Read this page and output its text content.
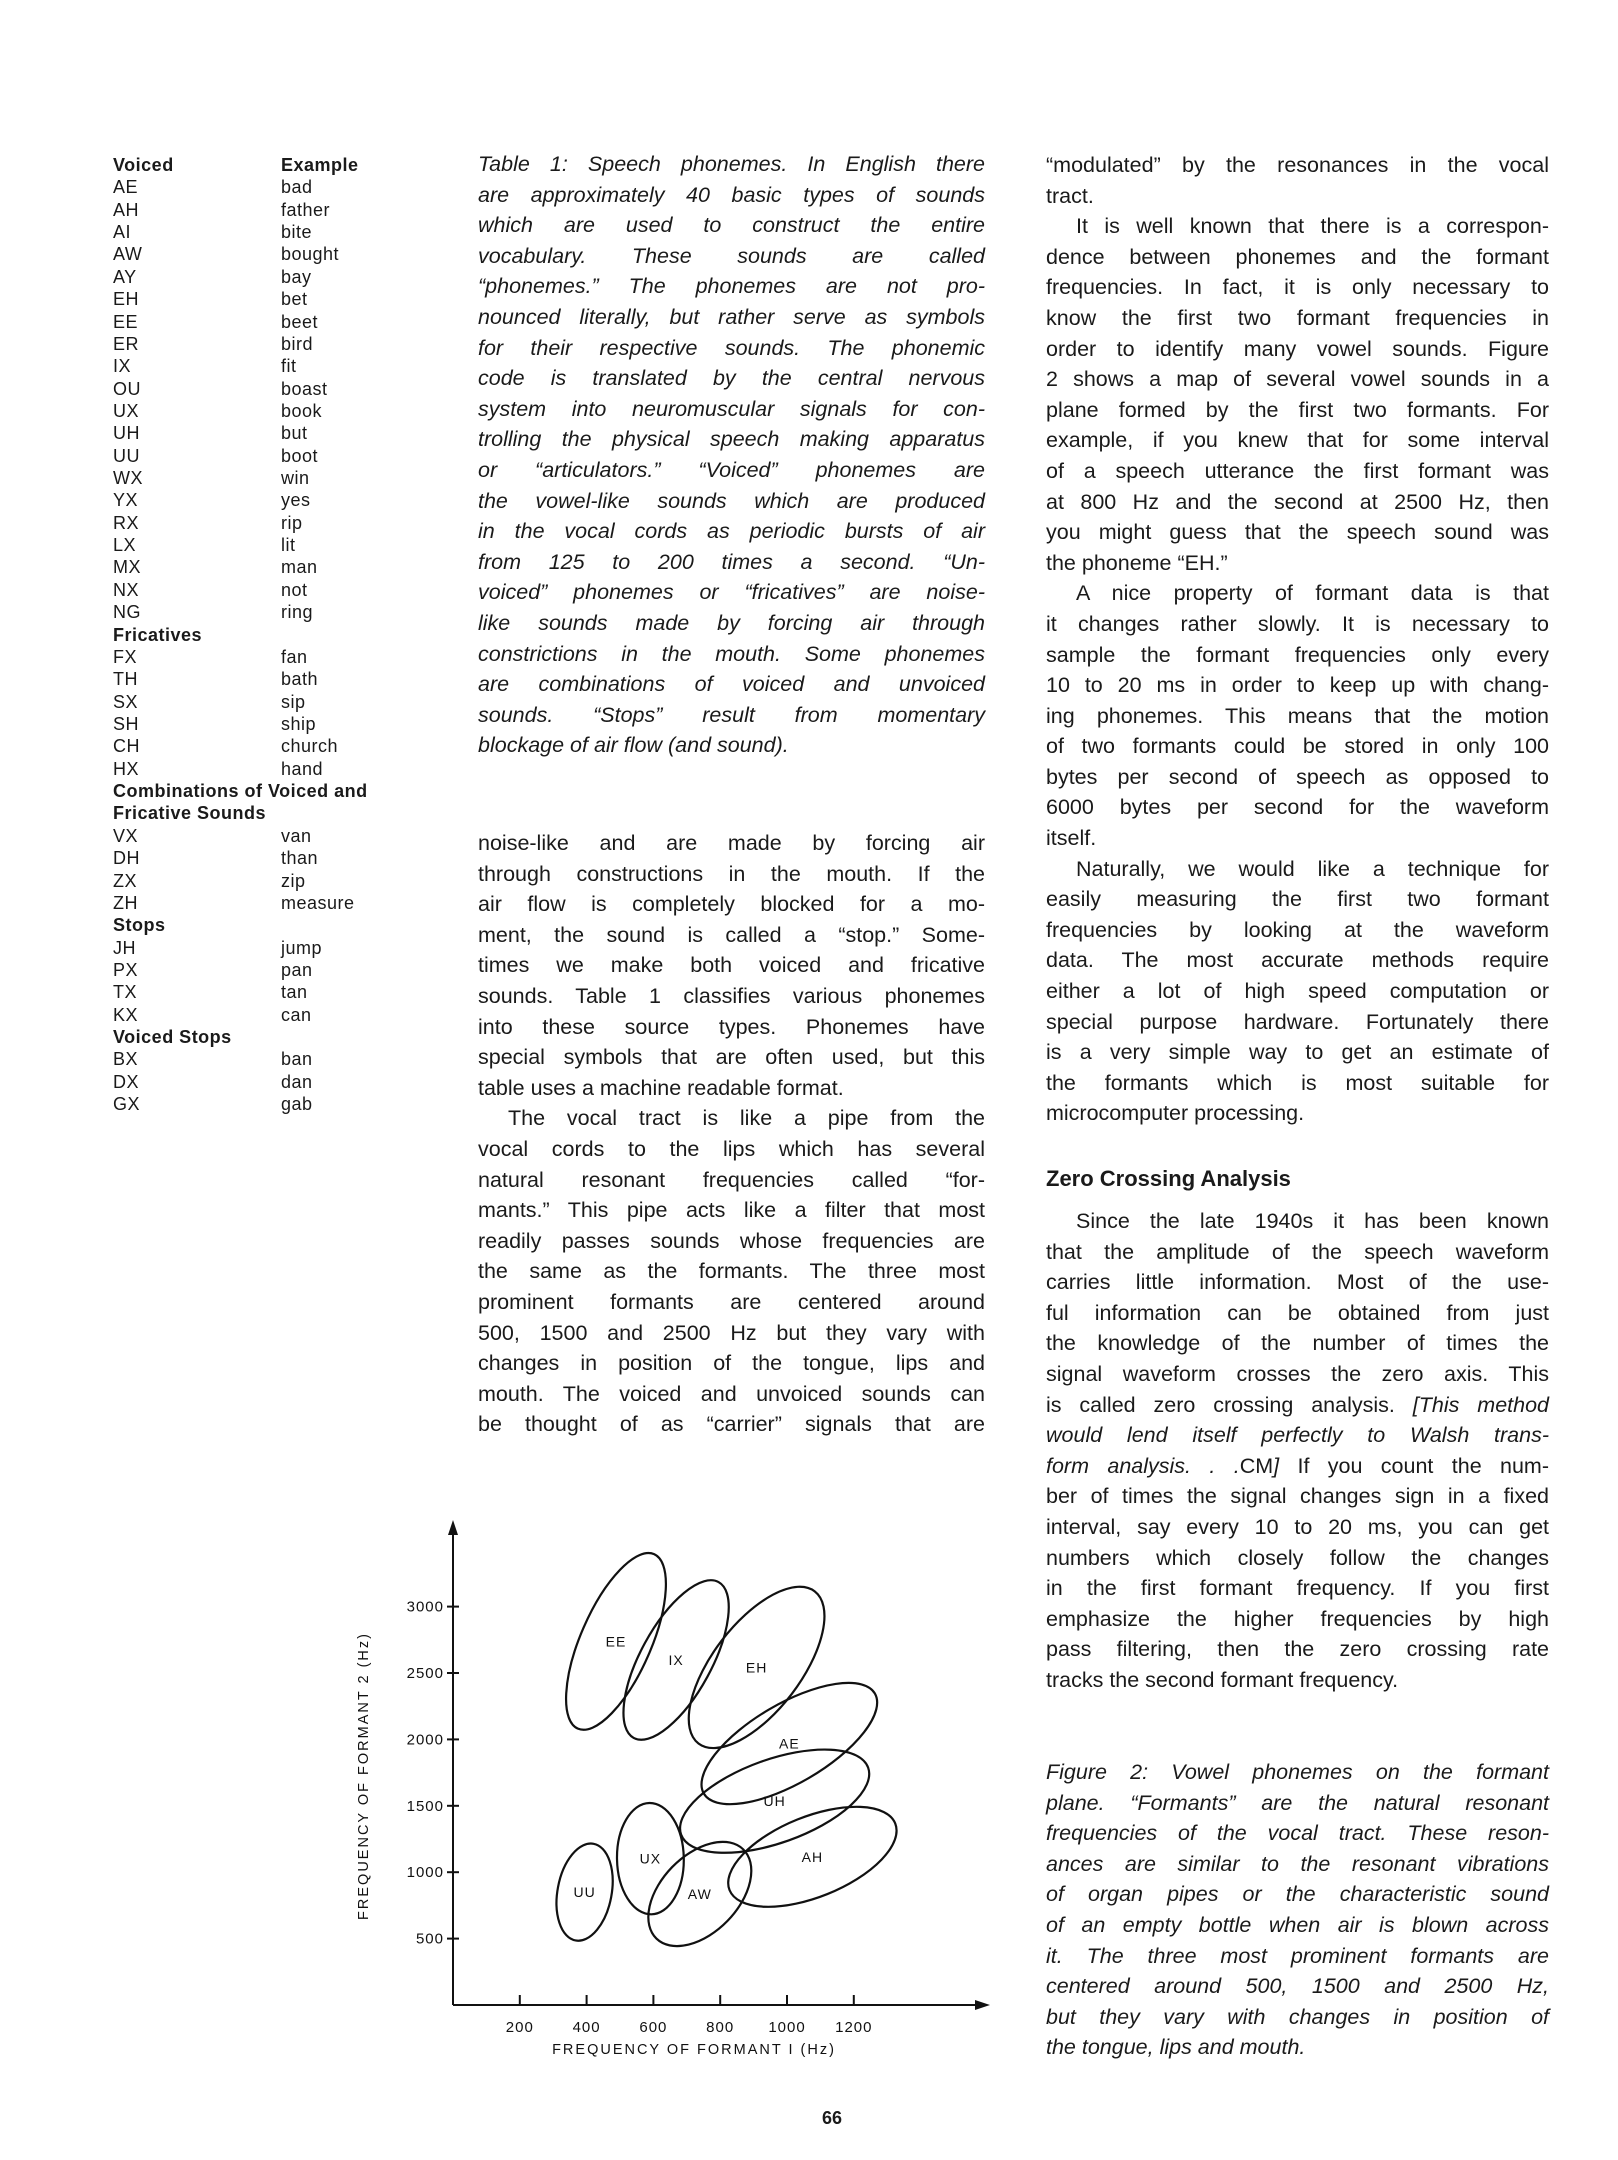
Voiced	Example
AE	bad
AH	father
AI	bite
AW	bought
AY	bay
EH	bet
EE	beet
ER	bird
IX	fit
OU	boast
UX	book
UH	but
UU	boot
WX	win
YX	yes
RX	rip
LX	lit
MX	man
NX	not
NG	ring
Fricatives
FX	fan
TH	bath
SX	sip
SH	ship
CH	church
HX	hand
Combinations of Voiced and
Fricative Sounds
VX	van
DH	than
ZX	zip
ZH	measure
Stops
JH	jump
PX	pan
TX	tan
KX	can
Voiced Stops
BX	ban
DX	dan
GX	gab
Table 1: Speech phonemes. In English there
are approximately 40 basic types of sounds
which are used to construct the entire
vocabulary. These sounds are called
“phonemes.” The phonemes are not pro-
nounced literally, but rather serve as symbols
for their respective sounds. The phonemic
code is translated by the central nervous
system into neuromuscular signals for con-
trolling the physical speech making apparatus
or “articulators.” “Voiced” phonemes are
the vowel-like sounds which are produced
in the vocal cords as periodic bursts of air
from 125 to 200 times a second. “Un-
voiced” phonemes or “fricatives” are noise-
like sounds made by forcing air through
constrictions in the mouth. Some phonemes
are combinations of voiced and unvoiced
sounds. “Stops” result from momentary
blockage of air flow (and sound).
noise-like and are made by forcing air
through constructions in the mouth. If the
air flow is completely blocked for a mo-
ment, the sound is called a “stop.” Some-
times we make both voiced and fricative
sounds. Table 1 classifies various phonemes
into these source types. Phonemes have
special symbols that are often used, but this
table uses a machine readable format.
The vocal tract is like a pipe from the
vocal cords to the lips which has several
natural resonant frequencies called “for-
mants.” This pipe acts like a filter that most
readily passes sounds whose frequencies are
the same as the formants. The three most
prominent formants are centered around
500, 1500 and 2500 Hz but they vary with
changes in position of the tongue, lips and
mouth. The voiced and unvoiced sounds can
be thought of as “carrier” signals that are
“modulated” by the resonances in the vocal
tract.
It is well known that there is a correspon-
dence between phonemes and the formant
frequencies. In fact, it is only necessary to
know the first two formant frequencies in
order to identify many vowel sounds. Figure
2 shows a map of several vowel sounds in a
plane formed by the first two formants. For
example, if you knew that for some interval
of a speech utterance the first formant was
at 800 Hz and the second at 2500 Hz, then
you might guess that the speech sound was
the phoneme “EH.”
A nice property of formant data is that
it changes rather slowly. It is necessary to
sample the formant frequencies only every
10 to 20 ms in order to keep up with chang-
ing phonemes. This means that the motion
of two formants could be stored in only 100
bytes per second of speech as opposed to
6000 bytes per second for the waveform
itself.
Naturally, we would like a technique for
easily measuring the first two formant
frequencies by looking at the waveform
data. The most accurate methods require
either a lot of high speed computation or
special purpose hardware. Fortunately there
is a very simple way to get an estimate of
the formants which is most suitable for
microcomputer processing.
Zero Crossing Analysis
Since the late 1940s it has been known
that the amplitude of the speech waveform
carries little information. Most of the use-
ful information can be obtained from just
the knowledge of the number of times the
signal waveform crosses the zero axis. This
is called zero crossing analysis. [This method
would lend itself perfectly to Walsh trans-
form analysis. . .CM] If you count the num-
ber of times the signal changes sign in a fixed
interval, say every 10 to 20 ms, you can get
numbers which closely follow the changes
in the first formant frequency. If you first
emphasize the higher frequencies by high
pass filtering, then the zero crossing rate
tracks the second formant frequency.
Figure 2: Vowel phonemes on the formant
plane. “Formants” are the natural resonant
frequencies of the vocal tract. These reson-
ances are similar to the resonant vibrations
of organ pipes or the characteristic sound
of an empty bottle when air is blown across
it. The three most prominent formants are
centered around 500, 1500 and 2500 Hz,
but they vary with changes in position of
the tongue, lips and mouth.
200	400	600	800 1000 1200
500
1000
1500
2000
2500
3000
FREQUENCY OF FORMANT I (Hz)
FREQUENCY OF FORMANT 2 (Hz)	EE
IX	EH
AE
UH
AH
AW
UX
UU
66
